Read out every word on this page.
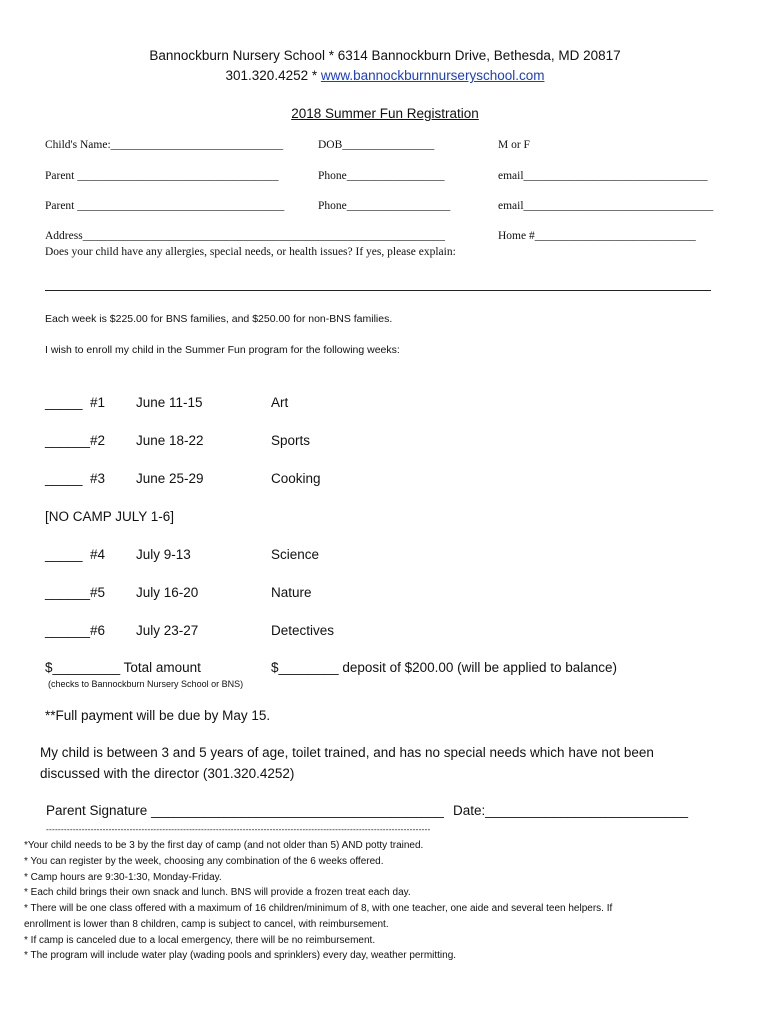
Bannockburn Nursery School * 6314 Bannockburn Drive, Bethesda, MD 20817
301.320.4252 * www.bannockburnnurseryschool.com
2018 Summer Fun Registration
Child's Name:______________________________	DOB________________	M or F
Parent ___________________________________	Phone_________________	email________________________________
Parent ____________________________________	Phone__________________	email_________________________________
Address_______________________________________________________________	Home #____________________________
Does your child have any allergies, special needs, or health issues? If yes, please explain:
Each week is $225.00 for BNS families, and $250.00 for non-BNS families.
I wish to enroll my child in the Summer Fun program for the following weeks:
_____ #1 June 11-15	Art
______ #2 June 18-22	Sports
_____ #3 June 25-29	Cooking
[NO CAMP JULY 1-6]
_____ #4 July 9-13	Science
______ #5 July 16-20	Nature
______ #6 July 23-27	Detectives
$_________ Total amount	$________ deposit of $200.00 (will be applied to balance)
(checks to Bannockburn Nursery School or BNS)
**Full payment will be due by May 15.
My child is between 3 and 5 years of age, toilet trained, and has no special needs which have not been
discussed with the director (301.320.4252)
Parent Signature _______________________________________ Date:___________________________
---------------------------------------------------------------------------------------------------------------------------------
*Your child needs to be 3 by the first day of camp (and not older than 5) AND potty trained.
* You can register by the week, choosing any combination of the 6 weeks offered.
* Camp hours are 9:30-1:30, Monday-Friday.
* Each child brings their own snack and lunch. BNS will provide a frozen treat each day.
* There will be one class offered with a maximum of 16 children/minimum of 8, with one teacher, one aide and several teen helpers. If
enrollment is lower than 8 children, camp is subject to cancel, with reimbursement.
* If camp is canceled due to a local emergency, there will be no reimbursement.
* The program will include water play (wading pools and sprinklers) every day, weather permitting.
